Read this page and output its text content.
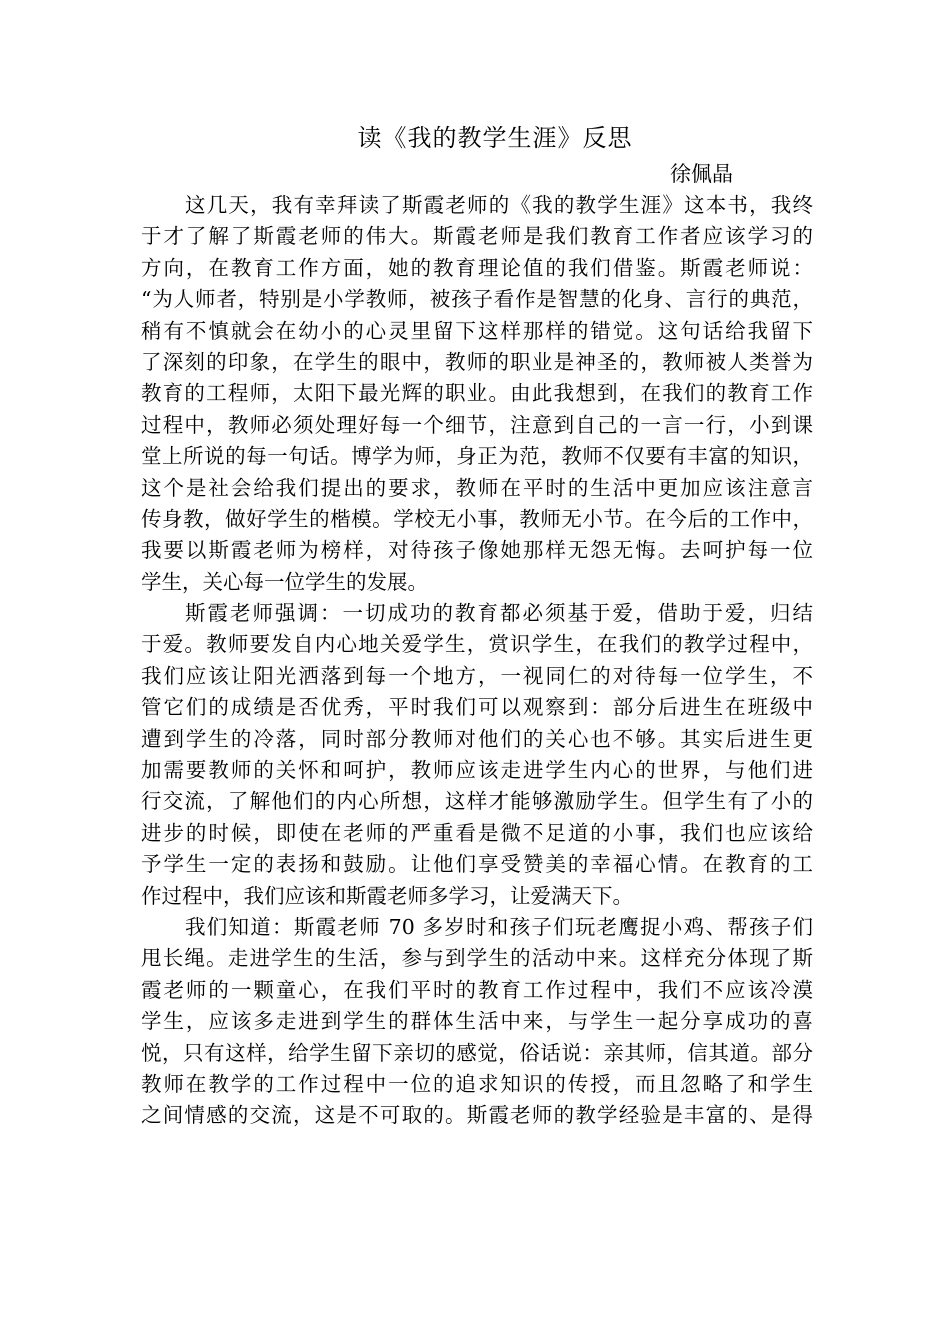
读《我的教学生涯》反思
徐佩晶
这几天，我有幸拜读了斯霞老师的《我的教学生涯》这本书，我终
于才了解了斯霞老师的伟大。斯霞老师是我们教育工作者应该学习的
方向，在教育工作方面，她的教育理论值的我们借鉴。斯霞老师说：
“为人师者，特别是小学教师，被孩子看作是智慧的化身、言行的典范，
稍有不慎就会在幼小的心灵里留下这样那样的错觉。这句话给我留下
了深刻的印象，在学生的眼中，教师的职业是神圣的，教师被人类誉为
教育的工程师，太阳下最光辉的职业。由此我想到，在我们的教育工作
过程中，教师必须处理好每一个细节，注意到自己的一言一行，小到课
堂上所说的每一句话。博学为师，身正为范，教师不仅要有丰富的知识，
这个是社会给我们提出的要求，教师在平时的生活中更加应该注意言
传身教，做好学生的楷模。学校无小事，教师无小节。在今后的工作中，
我要以斯霞老师为榜样，对待孩子像她那样无怨无悔。去呵护每一位
学生，关心每一位学生的发展。
斯霞老师强调：一切成功的教育都必须基于爱，借助于爱，归结
于爱。教师要发自内心地关爱学生，赏识学生，在我们的教学过程中，
我们应该让阳光洒落到每一个地方，一视同仁的对待每一位学生，不
管它们的成绩是否优秀，平时我们可以观察到：部分后进生在班级中
遭到学生的冷落，同时部分教师对他们的关心也不够。其实后进生更
加需要教师的关怀和呵护，教师应该走进学生内心的世界，与他们进
行交流，了解他们的内心所想，这样才能够激励学生。但学生有了小的
进步的时候，即使在老师的严重看是微不足道的小事，我们也应该给
予学生一定的表扬和鼓励。让他们享受赞美的幸福心情。在教育的工
作过程中，我们应该和斯霞老师多学习，让爱满天下。
我们知道：斯霞老师 70 多岁时和孩子们玩老鹰捉小鸡、帮孩子们
甩长绳。走进学生的生活，参与到学生的活动中来。这样充分体现了斯
霞老师的一颗童心，在我们平时的教育工作过程中，我们不应该冷漠
学生，应该多走进到学生的群体生活中来，与学生一起分享成功的喜
悦，只有这样，给学生留下亲切的感觉，俗话说：亲其师，信其道。部分
教师在教学的工作过程中一位的追求知识的传授，而且忽略了和学生
之间情感的交流，这是不可取的。斯霞老师的教学经验是丰富的、是得
